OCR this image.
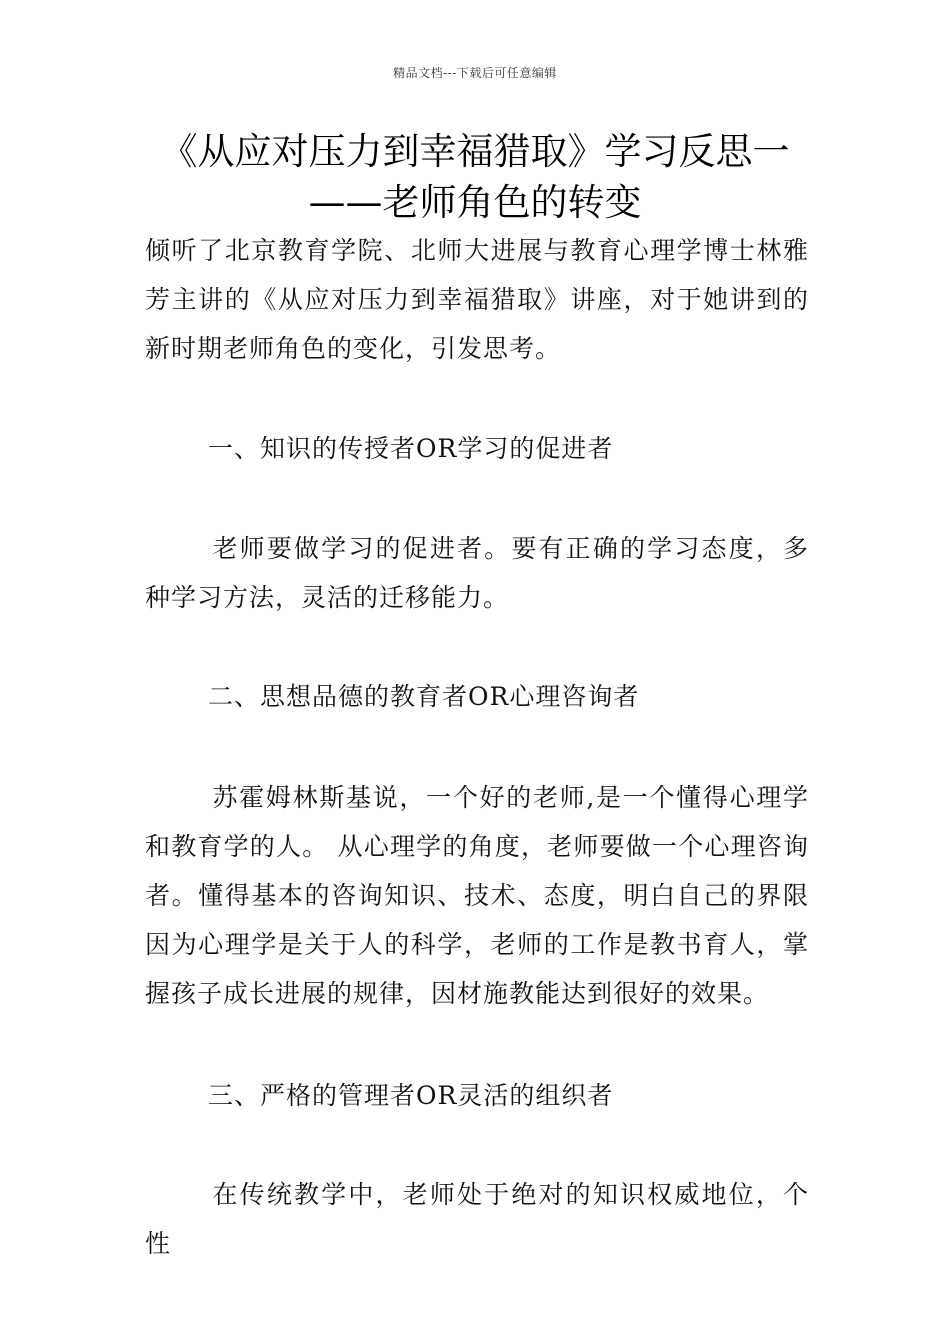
精品文档---下载后可任意编辑
《从应对压力到幸福猎取》学习反思一
——老师角色的转变

倾听了北京教育学院、北师大进展与教育心理学博士林雅芳主讲的《从应对压力到幸福猎取》讲座，对于她讲到的新时期老师角色的变化，引发思考。

一、知识的传授者OR学习的促进者

老师要做学习的促进者。要有正确的学习态度，多种学习方法，灵活的迁移能力。

二、思想品德的教育者OR心理咨询者

苏霍姆林斯基说，一个好的老师,是一个懂得心理学和教育学的人。 从心理学的角度，老师要做一个心理咨询者。懂得基本的咨询知识、技术、态度，明白自己的界限因为心理学是关于人的科学，老师的工作是教书育人，掌握孩子成长进展的规律，因材施教能达到很好的效果。

三、严格的管理者OR灵活的组织者

在传统教学中，老师处于绝对的知识权威地位，个性
